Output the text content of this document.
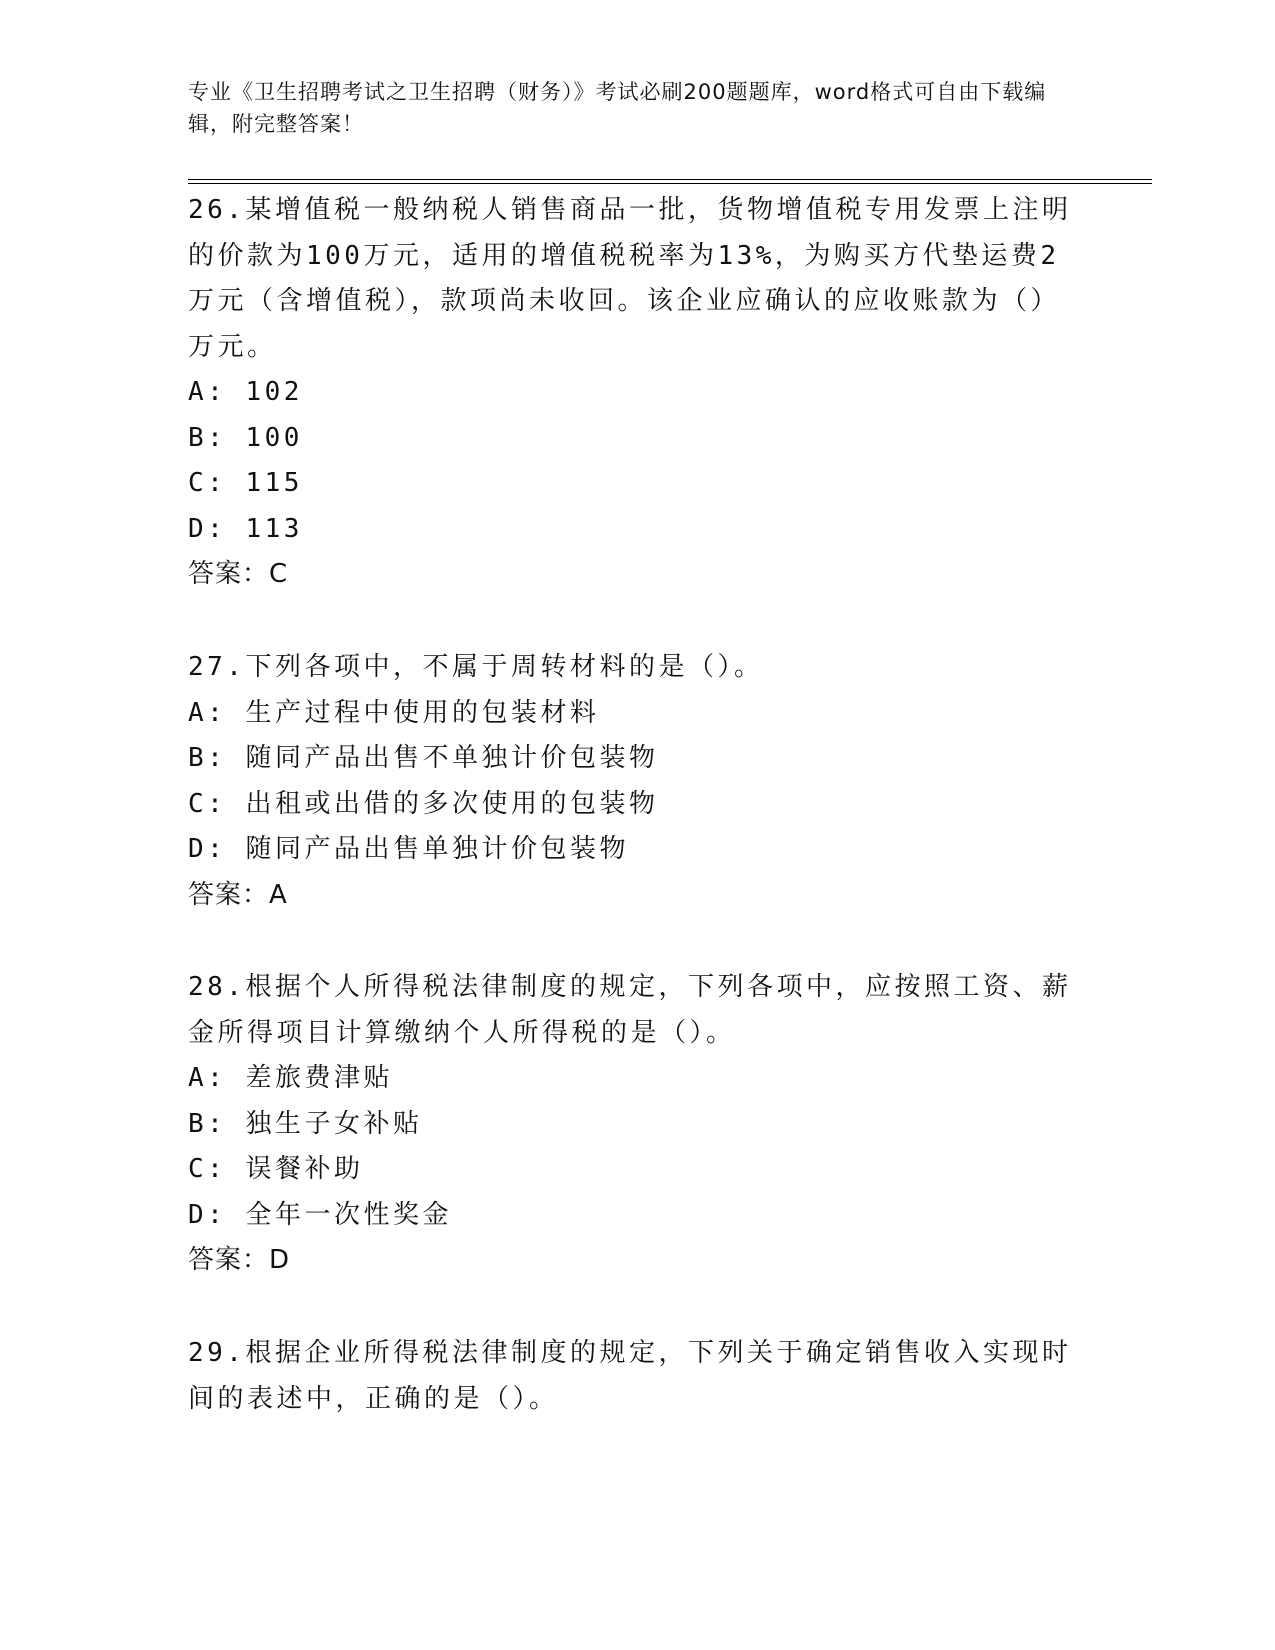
专业《卫生招聘考试之卫生招聘（财务）》考试必刷200题题库，word格式可自由下载编辑，附完整答案！
26.某增值税一般纳税人销售商品一批，货物增值税专用发票上注明的价款为100万元，适用的增值税税率为13%，为购买方代垫运费2万元（含增值税），款项尚未收回。该企业应确认的应收账款为（）万元。
A: 102
B: 100
C: 115
D: 113
答案：C
27.下列各项中，不属于周转材料的是（）。
A: 生产过程中使用的包装材料
B: 随同产品出售不单独计价包装物
C: 出租或出借的多次使用的包装物
D: 随同产品出售单独计价包装物
答案：A
28.根据个人所得税法律制度的规定，下列各项中，应按照工资、薪金所得项目计算缴纳个人所得税的是（）。
A: 差旅费津贴
B: 独生子女补贴
C: 误餐补助
D: 全年一次性奖金
答案：D
29.根据企业所得税法律制度的规定，下列关于确定销售收入实现时间的表述中，正确的是（）。
